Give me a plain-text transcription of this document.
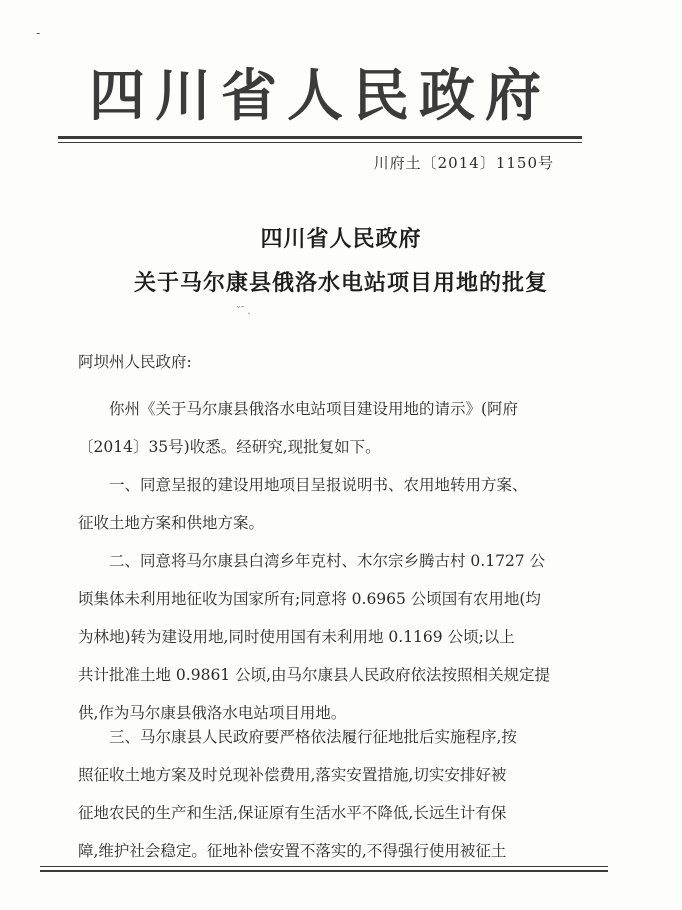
-
四川省人民政府
川府土〔2014〕1150号
四川省人民政府
关于马尔康县俄洛水电站项目用地的批复
˘ˉ﹑
阿坝州人民政府:
你州《关于马尔康县俄洛水电站项目建设用地的请示》(阿府
〔2014〕35号)收悉。经研究,现批复如下。
一、同意呈报的建设用地项目呈报说明书、农用地转用方案、
征收土地方案和供地方案。
二、同意将马尔康县白湾乡年克村、木尔宗乡腾古村 0.1727 公
顷集体未利用地征收为国家所有;同意将 0.6965 公顷国有农用地(均
为林地)转为建设用地,同时使用国有未利用地 0.1169 公顷;以上
共计批准土地 0.9861 公顷,由马尔康县人民政府依法按照相关规定提
供,作为马尔康县俄洛水电站项目用地。
三、马尔康县人民政府要严格依法履行征地批后实施程序,按
照征收土地方案及时兑现补偿费用,落实安置措施,切实安排好被
征地农民的生产和生活,保证原有生活水平不降低,长远生计有保
障,维护社会稳定。征地补偿安置不落实的,不得强行使用被征土
